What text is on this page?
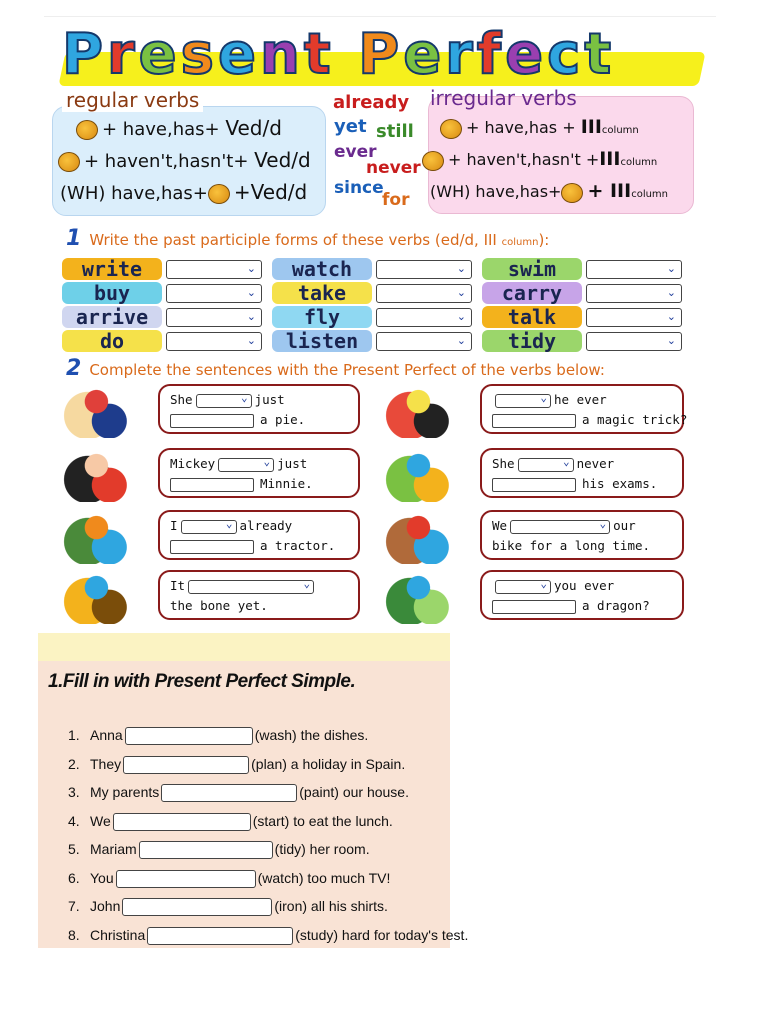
Present Perfect
regular verbs
+ have,has+ Ved/d
+ haven't,hasn't+ Ved/d
(WH) have,has+ +Ved/d
already
yet still
ever
never
since
for
irregular verbs
+ have,has + IIIcolumn
+ haven't,hasn't +IIIcolumn
(WH) have,has+ + IIIcolumn
1 Write the past participle forms of these verbs (ed/d, III column):
write	⌄	watch	⌄	swim	⌄
buy	⌄	take	⌄	carry	⌄
arrive	⌄	fly	⌄	talk	⌄
do	⌄	listen	⌄	tidy	⌄
2 Complete the sentences with the Present Perfect of the verbs below:
She	⌄ just
a pie.
⌄ he ever
a magic trick?
Mickey	⌄ just
Minnie.
She	⌄ never
his exams.
I	⌄ already
a tractor.
We	⌄ our
bike for a long time.
It	⌄
the bone yet.
⌄ you ever
a dragon?
1.Fill in with Present Perfect Simple.
1. Anna	(wash) the dishes.
2. They	(plan) a holiday in Spain.
3. My parents	(paint) our house.
4. We	(start) to eat the lunch.
5. Mariam	(tidy) her room.
6. You	(watch) too much TV!
7. John	(iron) all his shirts.
8. Christina	(study) hard for today's test.
